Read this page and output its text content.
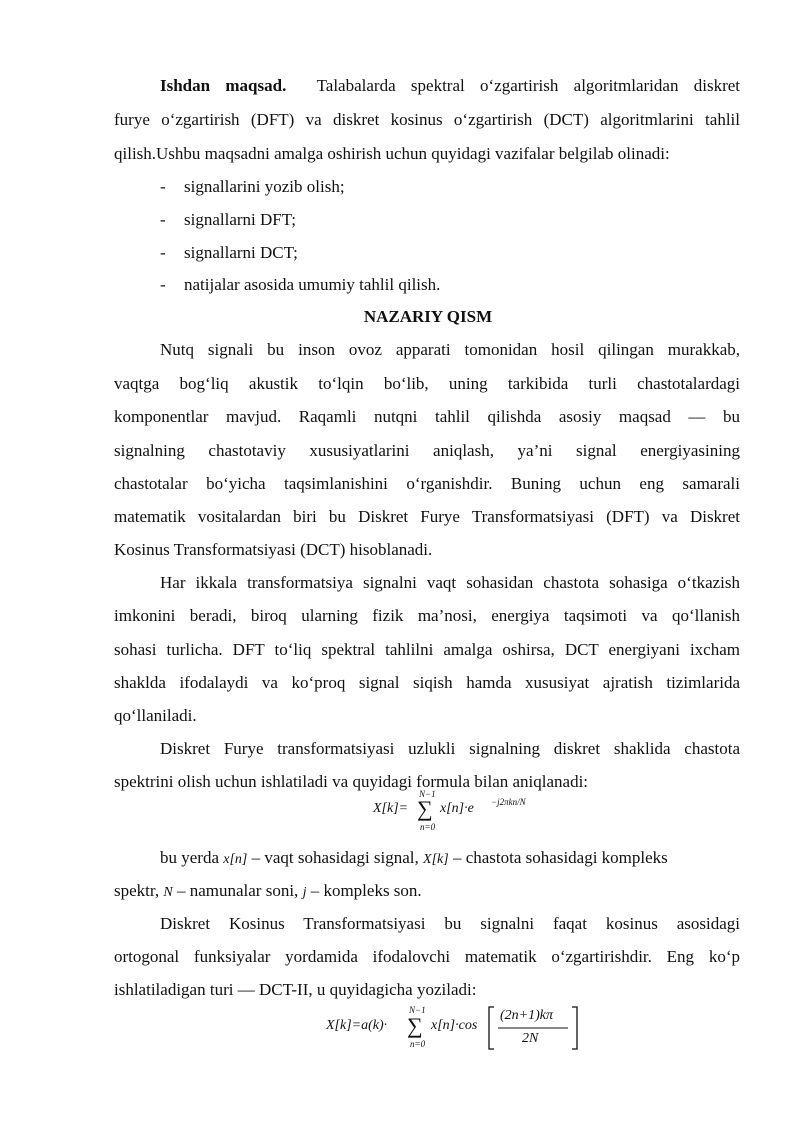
Ishdan maqsad. Talabalarda spektral o‘zgartirish algoritmlaridan diskret
furye o‘zgartirish (DFT) va diskret kosinus o‘zgartirish (DCT) algoritmlarini tahlil
qilish.Ushbu maqsadni amalga oshirish uchun quyidagi vazifalar belgilab olinadi:
- signallarini yozib olish;
- signallarni DFT;
- signallarni DCT;
- natijalar asosida umumiy tahlil qilish.
NAZARIY QISM
Nutq signali bu inson ovoz apparati tomonidan hosil qilingan murakkab,
vaqtga bog‘liq akustik to‘lqin bo‘lib, uning tarkibida turli chastotalardagi
komponentlar mavjud. Raqamli nutqni tahlil qilishda asosiy maqsad — bu
signalning chastotaviy xususiyatlarini aniqlash, ya’ni signal energiyasining
chastotalar bo‘yicha taqsimlanishini o‘rganishdir. Buning uchun eng samarali
matematik vositalardan biri bu Diskret Furye Transformatsiyasi (DFT) va Diskret
Kosinus Transformatsiyasi (DCT) hisoblanadi.
Har ikkala transformatsiya signalni vaqt sohasidan chastota sohasiga o‘tkazish
imkonini beradi, biroq ularning fizik ma’nosi, energiya taqsimoti va qo‘llanish
sohasi turlicha. DFT to‘liq spektral tahlilni amalga oshirsa, DCT energiyani ixcham
shaklda ifodalaydi va ko‘proq signal siqish hamda xususiyat ajratish tizimlarida
qo‘llaniladi.
Diskret Furye transformatsiyasi uzlukli signalning diskret shaklida chastota
spektrini olish uchun ishlatiladi va quyidagi formula bilan aniqlanadi:
X[k]=
N−1
∑
n=0
x[n]·e −j2πkn/N
bu yerda x[n] – vaqt sohasidagi signal, X[k] – chastota sohasidagi kompleks
spektr, N – namunalar soni, j – kompleks son.
Diskret Kosinus Transformatsiyasi bu signalni faqat kosinus asosidagi
ortogonal funksiyalar yordamida ifodalovchi matematik o‘zgartirishdir. Eng ko‘p
ishlatiladigan turi — DCT-II, u quyidagicha yoziladi:
X[k]=a(k)·
N−1
∑
n=0
x[n]·cos
(2n+1)kπ
2N
